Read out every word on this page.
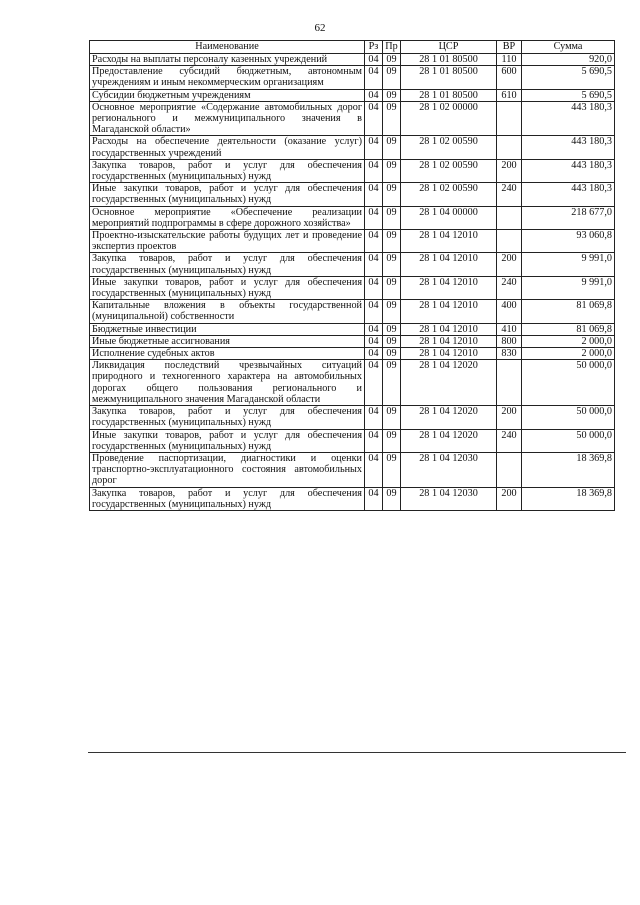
62
Наименование	Рз	Пр	ЦСР	ВР	Сумма
Расходы на выплаты персоналу казенных учреждений	04	09	28 1 01 80500	110	920,0
Предоставление субсидий бюджетным, автономным учреждениям и иным некоммерческим организациям	04	09	28 1 01 80500	600	5 690,5
Субсидии бюджетным учреждениям	04	09	28 1 01 80500	610	5 690,5
Основное мероприятие «Содержание автомобильных дорог регионального и межмуниципального значения в Магаданской области»	04	09	28 1 02 00000		443 180,3
Расходы на обеспечение деятельности (оказание услуг) государственных учреждений	04	09	28 1 02 00590		443 180,3
Закупка товаров, работ и услуг для обеспечения государственных (муниципальных) нужд	04	09	28 1 02 00590	200	443 180,3
Иные закупки товаров, работ и услуг для обеспечения государственных (муниципальных) нужд	04	09	28 1 02 00590	240	443 180,3
Основное мероприятие «Обеспечение реализации мероприятий подпрограммы в сфере дорожного хозяйства»	04	09	28 1 04 00000		218 677,0
Проектно-изыскательские работы будущих лет и проведение экспертиз проектов	04	09	28 1 04 12010		93 060,8
Закупка товаров, работ и услуг для обеспечения государственных (муниципальных) нужд	04	09	28 1 04 12010	200	9 991,0
Иные закупки товаров, работ и услуг для обеспечения государственных (муниципальных) нужд	04	09	28 1 04 12010	240	9 991,0
Капитальные вложения в объекты государственной (муниципальной) собственности	04	09	28 1 04 12010	400	81 069,8
Бюджетные инвестиции	04	09	28 1 04 12010	410	81 069,8
Иные бюджетные ассигнования	04	09	28 1 04 12010	800	2 000,0
Исполнение судебных актов	04	09	28 1 04 12010	830	2 000,0
Ликвидация последствий чрезвычайных ситуаций природного и техногенного характера на автомобильных дорогах общего пользования регионального и межмуниципального значения Магаданской области	04	09	28 1 04 12020		50 000,0
Закупка товаров, работ и услуг для обеспечения государственных (муниципальных) нужд	04	09	28 1 04 12020	200	50 000,0
Иные закупки товаров, работ и услуг для обеспечения государственных (муниципальных) нужд	04	09	28 1 04 12020	240	50 000,0
Проведение паспортизации, диагностики и оценки транспортно-эксплуатационного состояния автомобильных дорог	04	09	28 1 04 12030		18 369,8
Закупка товаров, работ и услуг для обеспечения государственных (муниципальных) нужд	04	09	28 1 04 12030	200	18 369,8
